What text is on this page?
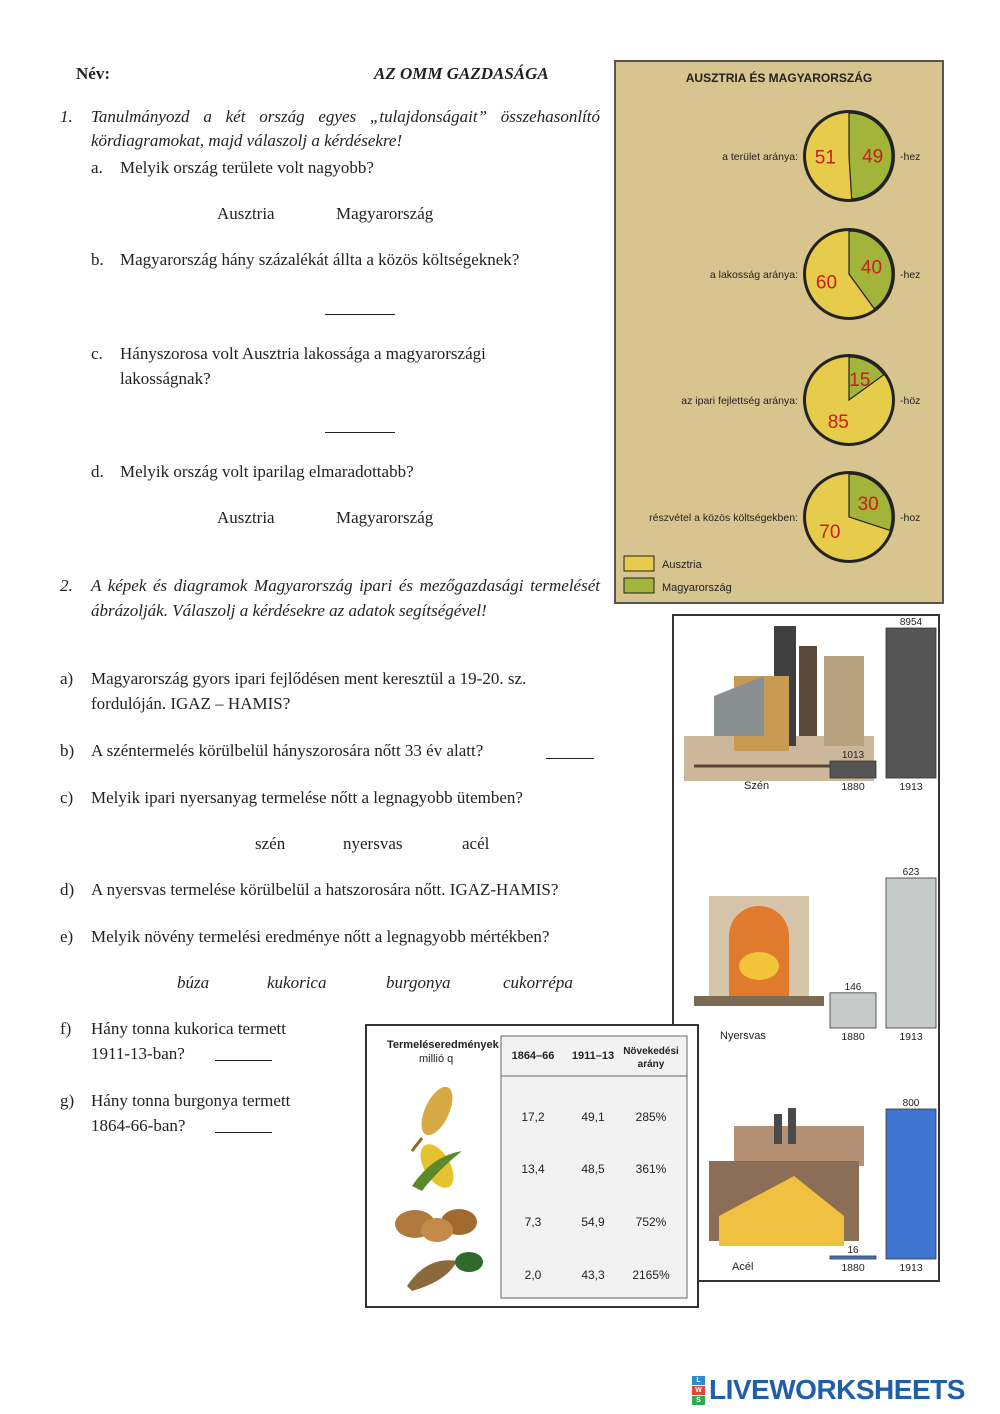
Név:	AZ OMM GAZDASÁGA
1. Tanulmányozd a két ország egyes „tulajdonságait” összehasonlító
kördiagramokat, majd válaszolj a kérdésekre!
a. Melyik ország területe volt nagyobb?
Ausztria	Magyarország
b. Magyarország hány százalékát állta a közös költségeknek?
c. Hányszorosa volt Ausztria lakossága a magyarországi
lakosságnak?
d. Melyik ország volt iparilag elmaradottabb?
Ausztria	Magyarország
2. A képek és diagramok Magyarország ipari és mezőgazdasági termelését
ábrázolják. Válaszolj a kérdésekre az adatok segítségével!
a) Magyarország gyors ipari fejlődésen ment keresztül a 19-20. sz.
fordulóján. IGAZ – HAMIS?
b) A széntermelés körülbelül hányszorosára nőtt 33 év alatt?
c) Melyik ipari nyersanyag termelése nőtt a legnagyobb ütemben?
szén	nyersvas	acél
d) A nyersvas termelése körülbelül a hatszorosára nőtt. IGAZ-HAMIS?
e) Melyik növény termelési eredménye nőtt a legnagyobb mértékben?
búza	kukorica	burgonya	cukorrépa
f) Hány tonna kukorica termett
1911-13-ban?
g) Hány tonna burgonya termett
1864-66-ban?
AUSZTRIA ÉS MAGYARORSZÁG
49
51
a terület aránya:	-hez
40
60
a lakosság aránya:	-hez
15
85
az ipari fejlettség aránya:	-höz
30
70
részvétel a közös költségekben:	-hoz
Ausztria
Magyarország
Szén
Nyersvas
Acél
1013
1880
8954
1913
146
1880
623
1913
16
1880
800
1913
Termeléseredmények
millió q	1864–66 1911–13 Növekedési
arány
17,2	49,1	285%
13,4	48,5	361%
7,3	54,9	752%
2,0	43,3 2165%
L
W
S LIVEWORKSHEETS
